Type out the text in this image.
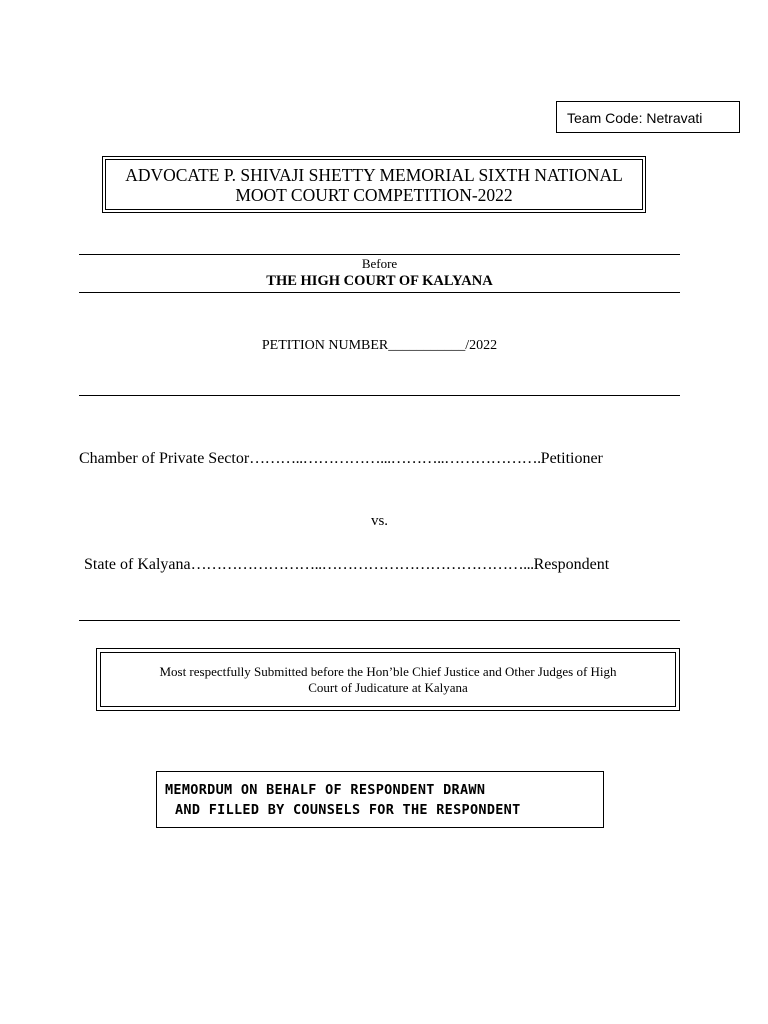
Team Code: Netravati
ADVOCATE P. SHIVAJI SHETTY MEMORIAL SIXTH NATIONAL
MOOT COURT COMPETITION-2022
Before
THE HIGH COURT OF KALYANA
PETITION NUMBER___________/2022
Chamber of Private Sector………..……………...………..……………….Petitioner
vs.
State of Kalyana……………………..…………………………………...Respondent
Most respectfully Submitted before the Hon’ble Chief Justice and Other Judges of High
Court of Judicature at Kalyana
MEMORDUM ON BEHALF OF RESPONDENT DRAWN
AND FILLED BY COUNSELS FOR THE RESPONDENT
